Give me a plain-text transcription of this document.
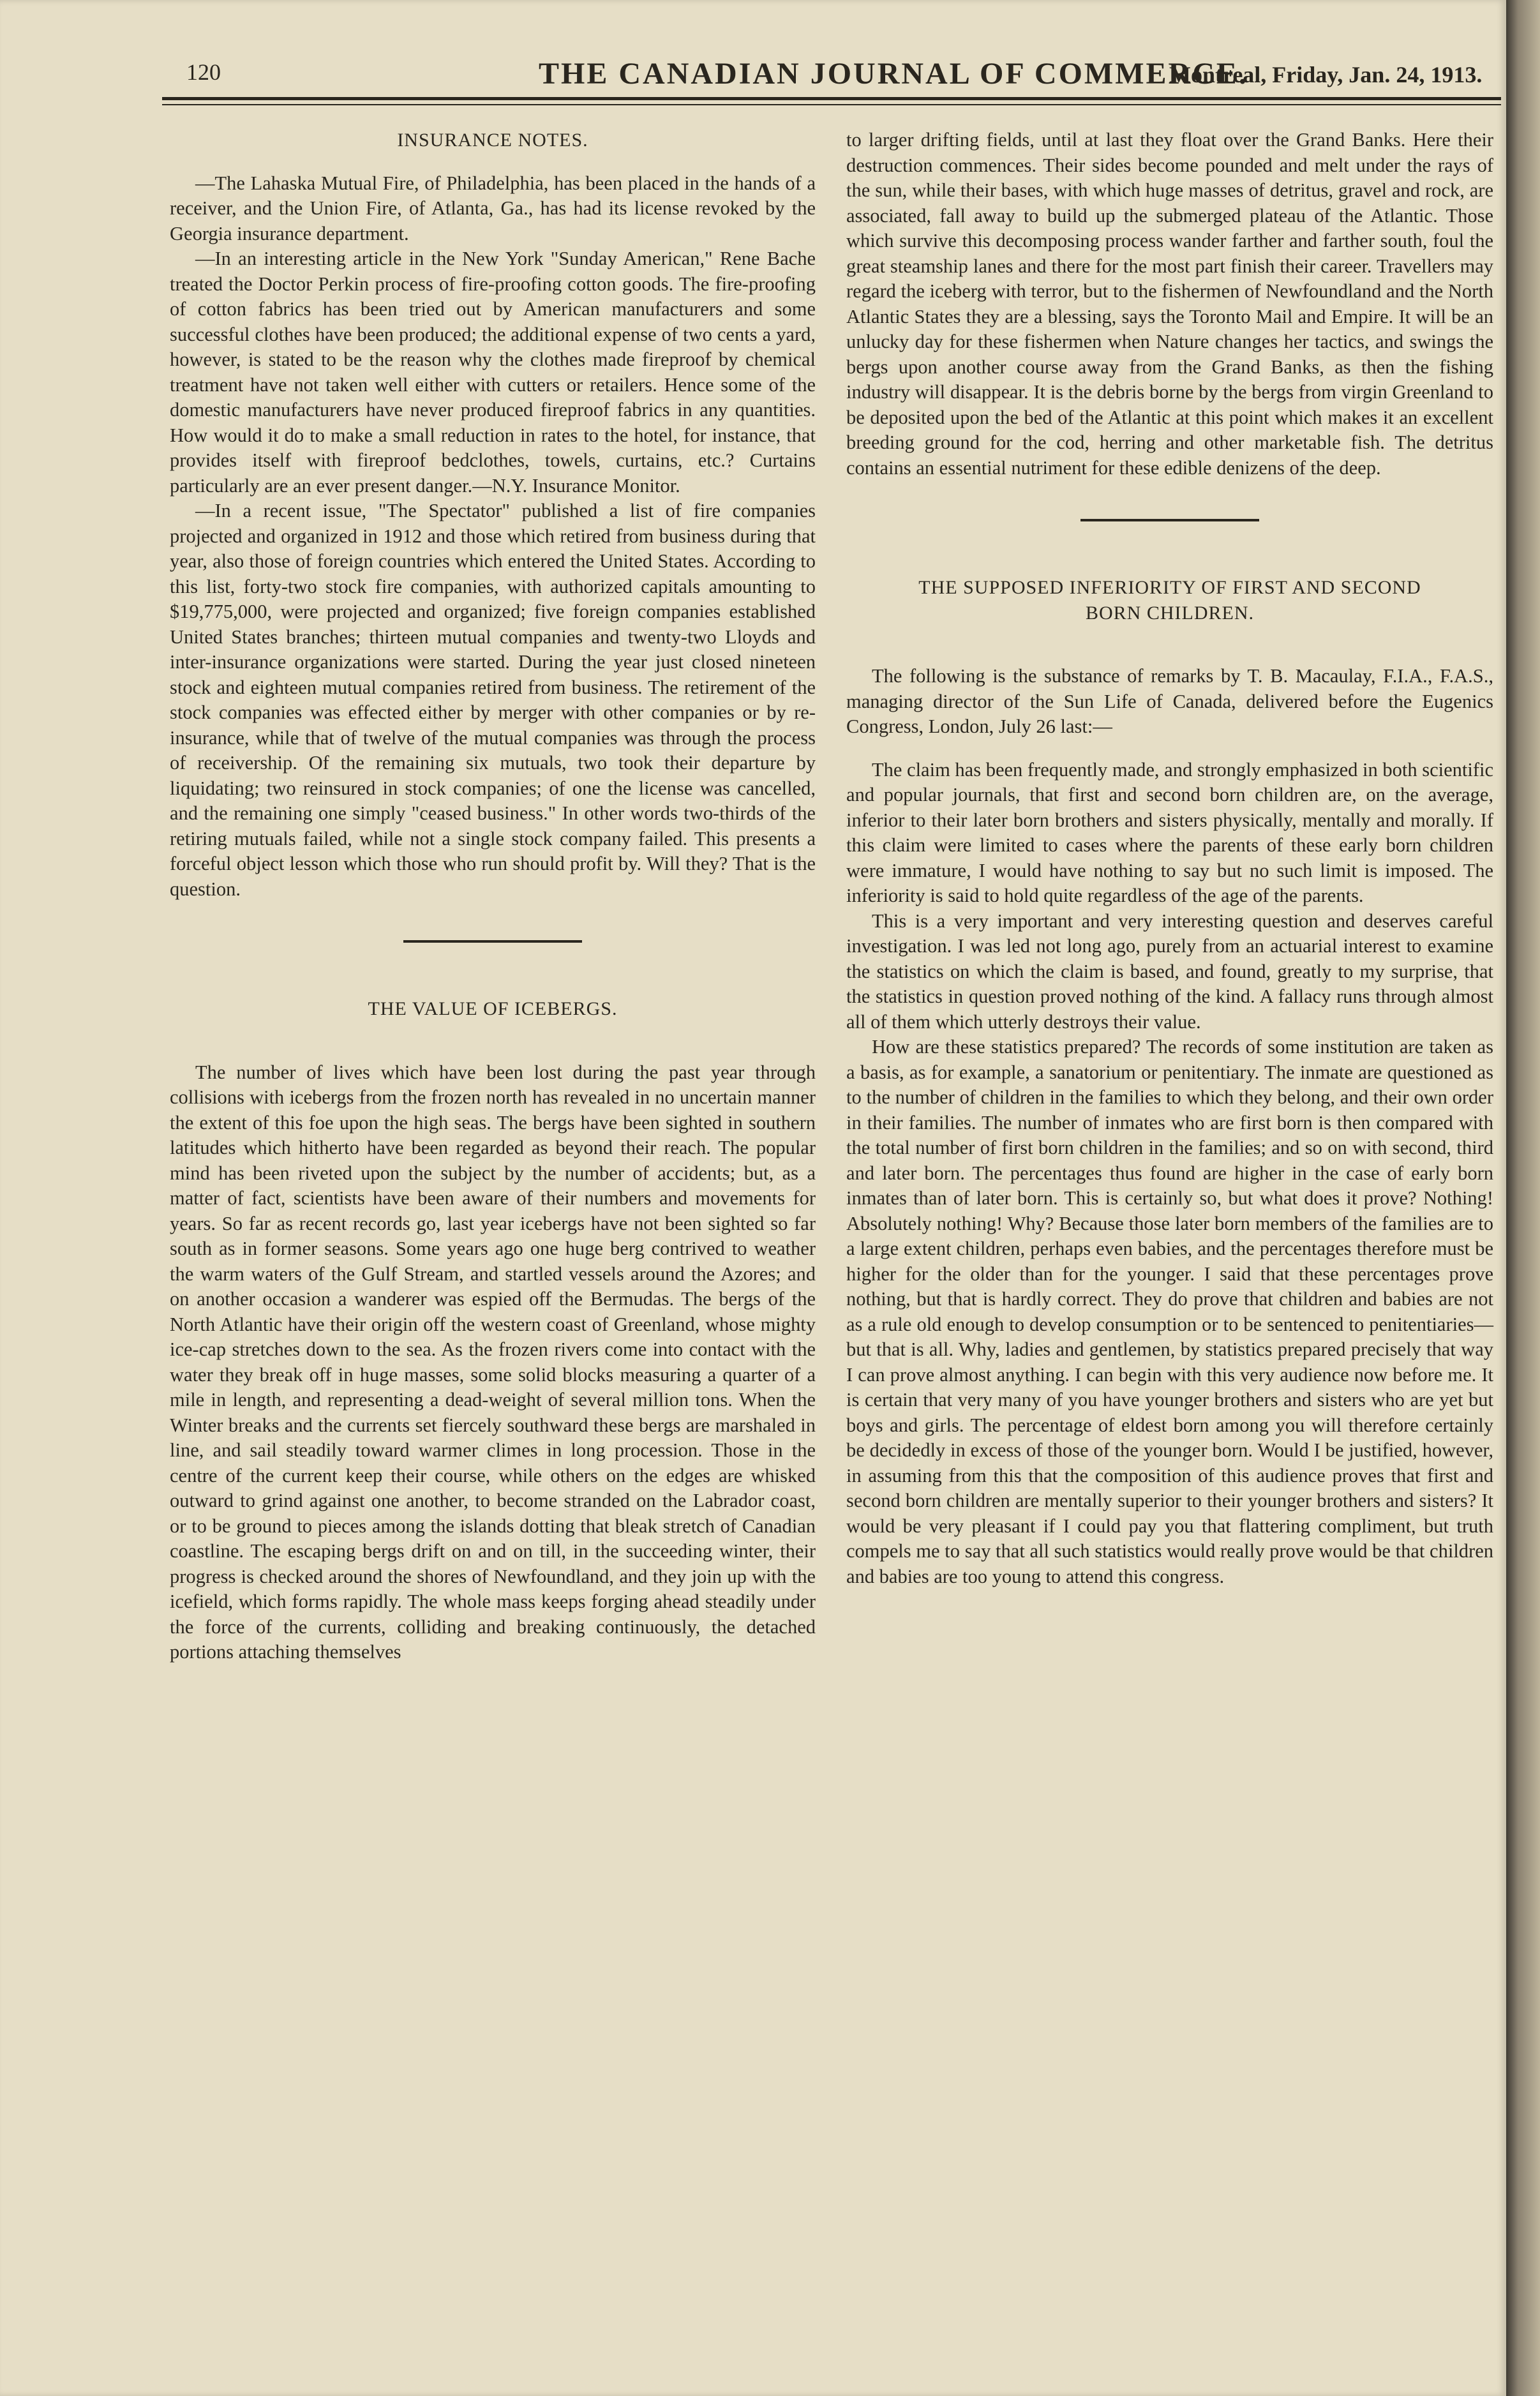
120	THE CANADIAN JOURNAL OF COMMERCE.
Montreal, Friday, Jan. 24, 1913.
INSURANCE NOTES.

—The Lahaska Mutual Fire, of Philadelphia, has been placed in the hands of a receiver, and the Union Fire, of Atlanta, Ga., has had its license revoked by the Georgia insurance department.

—In an interesting article in the New York "Sunday American," Rene Bache treated the Doctor Perkin process of fire-proofing cotton goods. The fire-proofing of cotton fabrics has been tried out by American manufacturers and some successful clothes have been produced; the additional expense of two cents a yard, however, is stated to be the reason why the clothes made fireproof by chemical treatment have not taken well either with cutters or retailers. Hence some of the domestic manufacturers have never produced fireproof fabrics in any quantities. How would it do to make a small reduction in rates to the hotel, for instance, that provides itself with fireproof bedclothes, towels, curtains, etc.? Curtains particularly are an ever present danger.—N.Y. Insurance Monitor.

—In a recent issue, "The Spectator" published a list of fire companies projected and organized in 1912 and those which retired from business during that year, also those of foreign countries which entered the United States. According to this list, forty-two stock fire companies, with authorized capitals amounting to $19,775,000, were projected and organized; five foreign companies established United States branches; thirteen mutual companies and twenty-two Lloyds and inter-insurance organizations were started. During the year just closed nineteen stock and eighteen mutual companies retired from business. The retirement of the stock companies was effected either by merger with other companies or by re-insurance, while that of twelve of the mutual companies was through the process of receivership. Of the remaining six mutuals, two took their departure by liquidating; two reinsured in stock companies; of one the license was cancelled, and the remaining one simply "ceased business." In other words two-thirds of the retiring mutuals failed, while not a single stock company failed. This presents a forceful object lesson which those who run should profit by. Will they? That is the question.

THE VALUE OF ICEBERGS.

The number of lives which have been lost during the past year through collisions with icebergs from the frozen north has revealed in no uncertain manner the extent of this foe upon the high seas. The bergs have been sighted in southern latitudes which hitherto have been regarded as beyond their reach. The popular mind has been riveted upon the subject by the number of accidents; but, as a matter of fact, scientists have been aware of their numbers and movements for years. So far as recent records go, last year icebergs have not been sighted so far south as in former seasons. Some years ago one huge berg contrived to weather the warm waters of the Gulf Stream, and startled vessels around the Azores; and on another occasion a wanderer was espied off the Bermudas. The bergs of the North Atlantic have their origin off the western coast of Greenland, whose mighty ice-cap stretches down to the sea. As the frozen rivers come into contact with the water they break off in huge masses, some solid blocks measuring a quarter of a mile in length, and representing a dead-weight of several million tons. When the Winter breaks and the currents set fiercely southward these bergs are marshaled in line, and sail steadily toward warmer climes in long procession. Those in the centre of the current keep their course, while others on the edges are whisked outward to grind against one another, to become stranded on the Labrador coast, or to be ground to pieces among the islands dotting that bleak stretch of Canadian coastline. The escaping bergs drift on and on till, in the succeeding winter, their progress is checked around the shores of Newfoundland, and they join up with the icefield, which forms rapidly. The whole mass keeps forging ahead steadily under the force of the currents, colliding and breaking continuously, the detached portions attaching themselves

to larger drifting fields, until at last they float over the Grand Banks. Here their destruction commences. Their sides become pounded and melt under the rays of the sun, while their bases, with which huge masses of detritus, gravel and rock, are associated, fall away to build up the submerged plateau of the Atlantic. Those which survive this decomposing process wander farther and farther south, foul the great steamship lanes and there for the most part finish their career. Travellers may regard the iceberg with terror, but to the fishermen of Newfoundland and the North Atlantic States they are a blessing, says the Toronto Mail and Empire. It will be an unlucky day for these fishermen when Nature changes her tactics, and swings the bergs upon another course away from the Grand Banks, as then the fishing industry will disappear. It is the debris borne by the bergs from virgin Greenland to be deposited upon the bed of the Atlantic at this point which makes it an excellent breeding ground for the cod, herring and other marketable fish. The detritus contains an essential nutriment for these edible denizens of the deep.

THE SUPPOSED INFERIORITY OF FIRST AND SECOND
BORN CHILDREN.

The following is the substance of remarks by T. B. Macaulay, F.I.A., F.A.S., managing director of the Sun Life of Canada, delivered before the Eugenics Congress, London, July 26 last:—

The claim has been frequently made, and strongly emphasized in both scientific and popular journals, that first and second born children are, on the average, inferior to their later born brothers and sisters physically, mentally and morally. If this claim were limited to cases where the parents of these early born children were immature, I would have nothing to say but no such limit is imposed. The inferiority is said to hold quite regardless of the age of the parents.

This is a very important and very interesting question and deserves careful investigation. I was led not long ago, purely from an actuarial interest to examine the statistics on which the claim is based, and found, greatly to my surprise, that the statistics in question proved nothing of the kind. A fallacy runs through almost all of them which utterly destroys their value.

How are these statistics prepared? The records of some institution are taken as a basis, as for example, a sanatorium or penitentiary. The inmate are questioned as to the number of children in the families to which they belong, and their own order in their families. The number of inmates who are first born is then compared with the total number of first born children in the families; and so on with second, third and later born. The percentages thus found are higher in the case of early born inmates than of later born. This is certainly so, but what does it prove? Nothing! Absolutely nothing! Why? Because those later born members of the families are to a large extent children, perhaps even babies, and the percentages therefore must be higher for the older than for the younger. I said that these percentages prove nothing, but that is hardly correct. They do prove that children and babies are not as a rule old enough to develop consumption or to be sentenced to penitentiaries—but that is all. Why, ladies and gentlemen, by statistics prepared precisely that way I can prove almost anything. I can begin with this very audience now before me. It is certain that very many of you have younger brothers and sisters who are yet but boys and girls. The percentage of eldest born among you will therefore certainly be decidedly in excess of those of the younger born. Would I be justified, however, in assuming from this that the composition of this audience proves that first and second born children are mentally superior to their younger brothers and sisters? It would be very pleasant if I could pay you that flattering compliment, but truth compels me to say that all such statistics would really prove would be that children and babies are too young to attend this congress.
